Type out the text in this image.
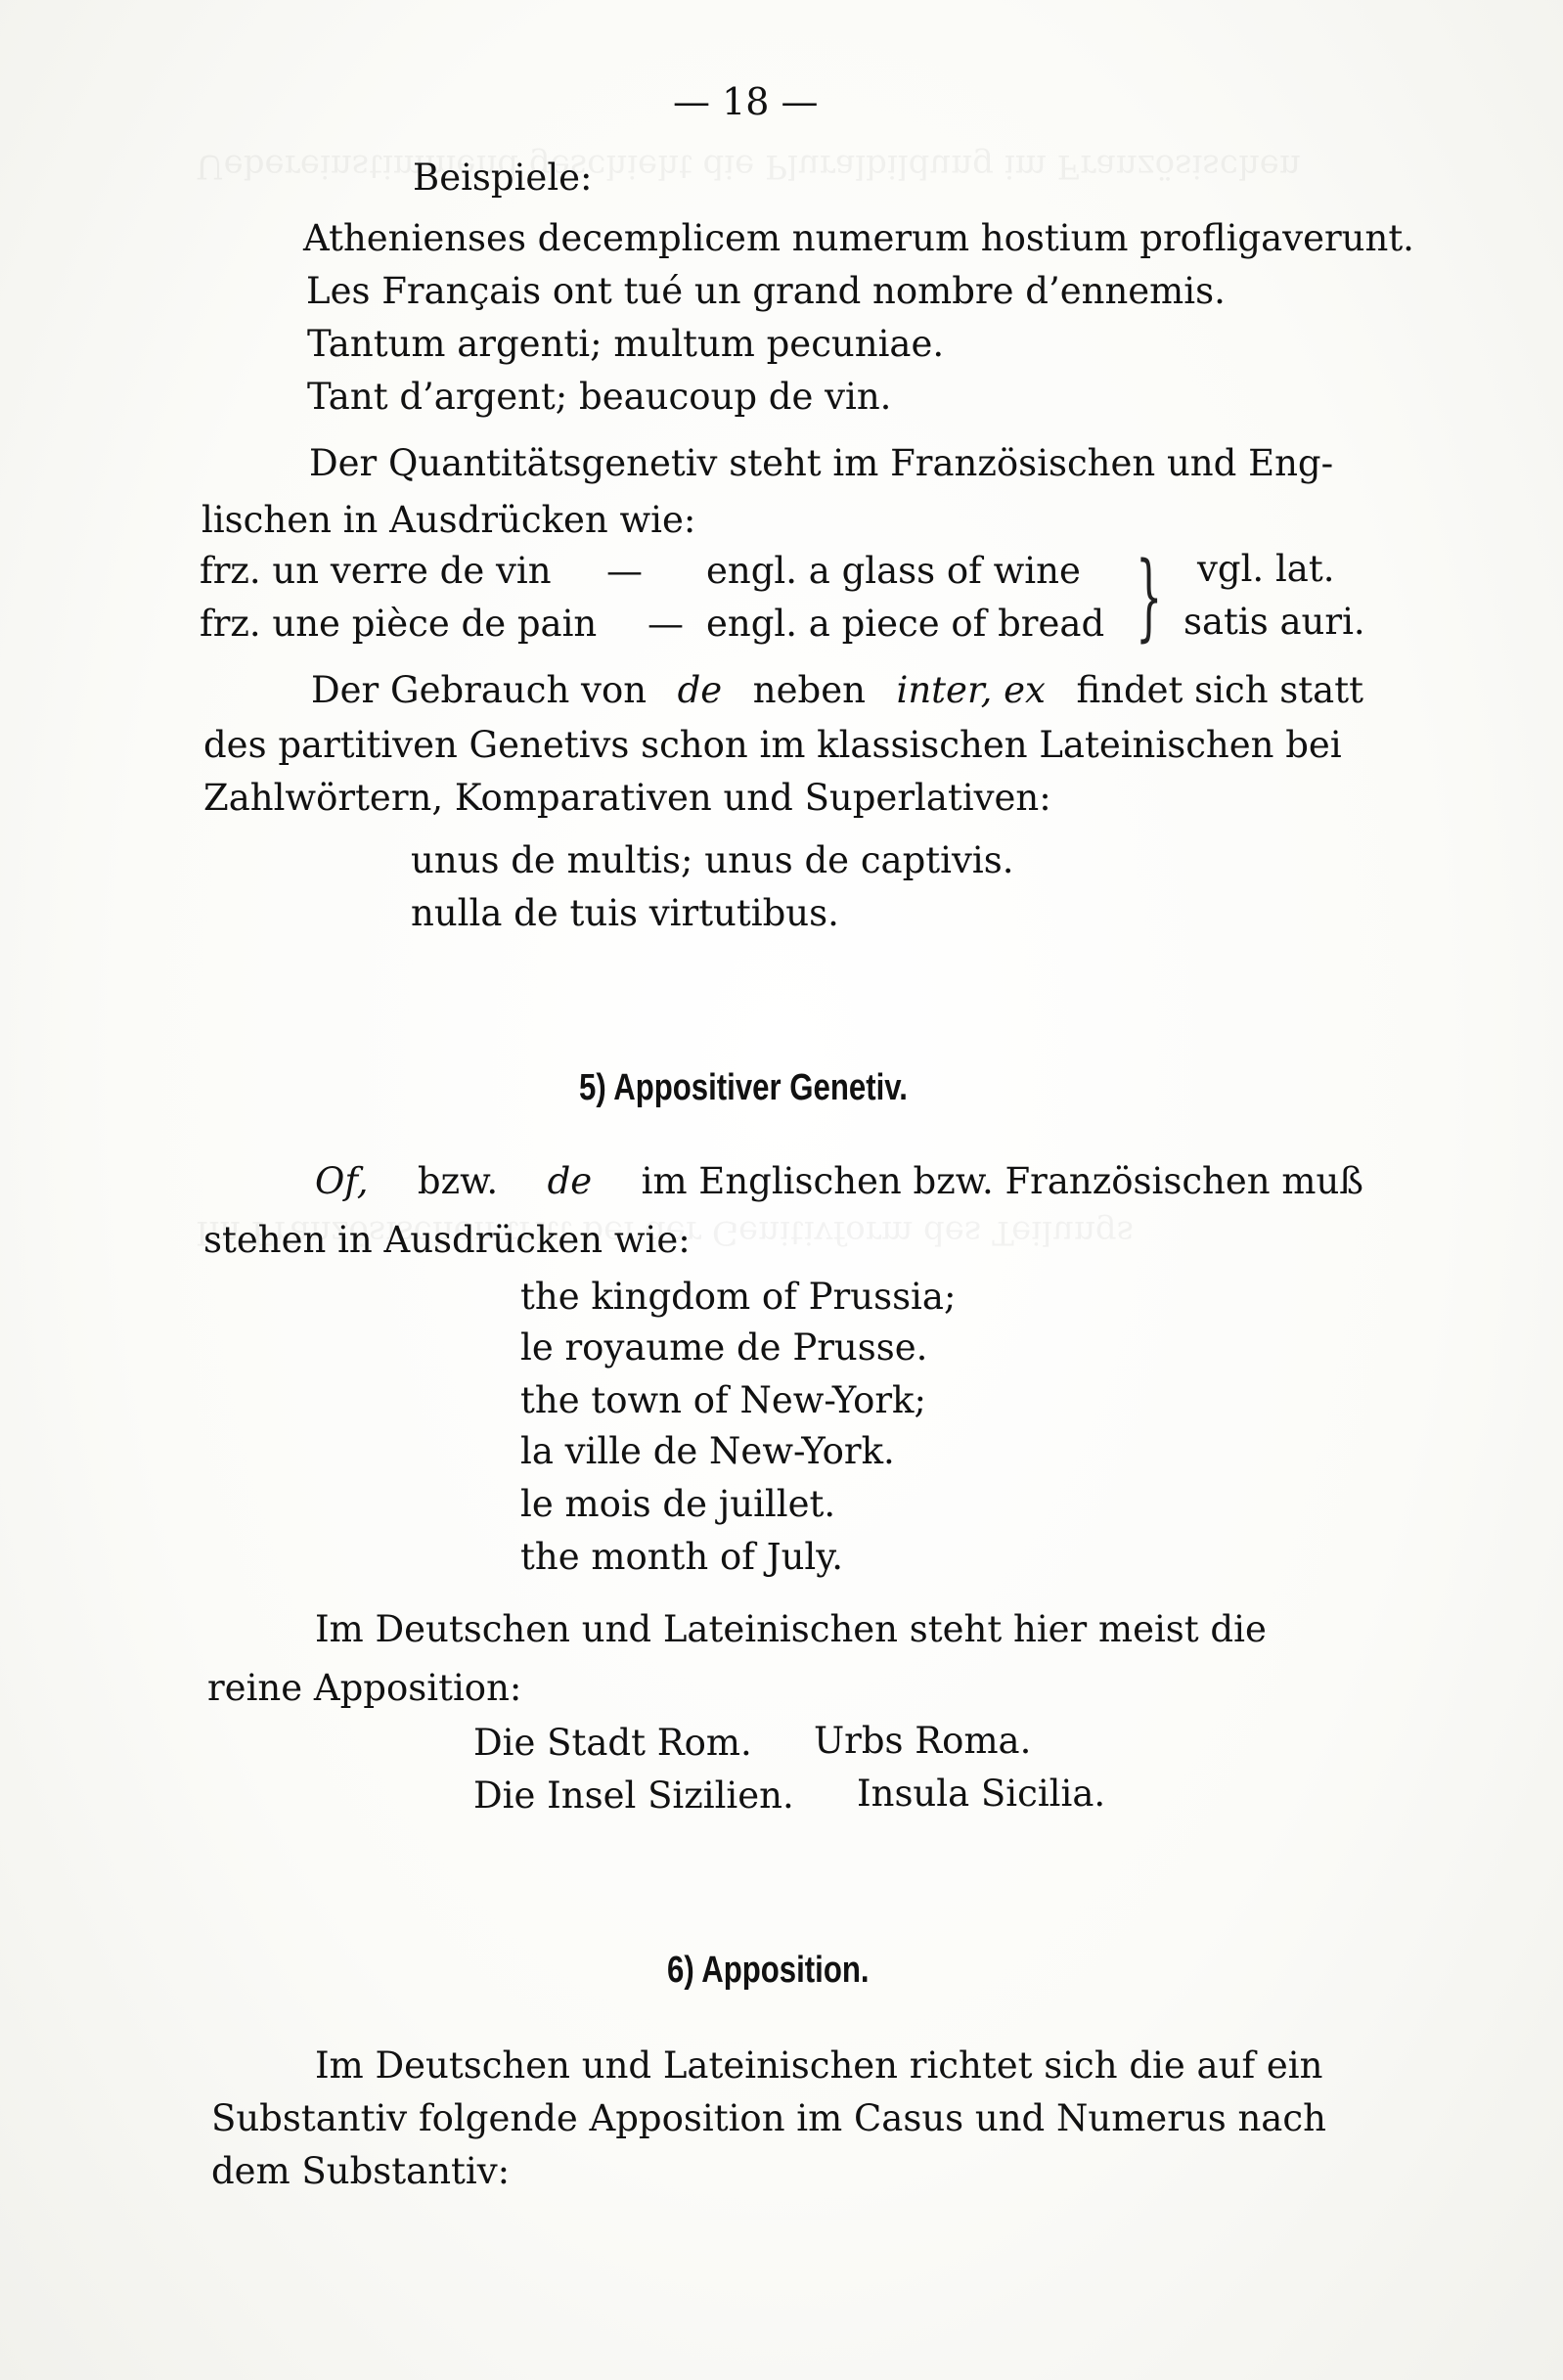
— 18 —
Beispiele:
Athenienses decemplicem numerum hostium profligaverunt.
Les Français ont tué un grand nombre d’ennemis.
Tantum argenti; multum pecuniae.
Tant d’argent; beaucoup de vin.
Der Quantitätsgenetiv steht im Französischen und Eng-
lischen in Ausdrücken wie:
frz. un verre de vin — engl. a glass of wine	vgl. lat.
frz. une pièce de pain — engl. a piece of bread satis auri.
}
Der Gebrauch von de neben inter, ex findet sich statt
des partitiven Genetivs schon im klassischen Lateinischen bei
Zahlwörtern, Komparativen und Superlativen:
unus de multis; unus de captivis.
nulla de tuis virtutibus.
5) Appositiver Genetiv.
Of, bzw. de im Englischen bzw. Französischen muß
stehen in Ausdrücken wie:
the kingdom of Prussia;
le royaume de Prusse.
the town of New-York;
la ville de New-York.
le mois de juillet.
the month of July.
Im Deutschen und Lateinischen steht hier meist die
reine Apposition:
Die Stadt Rom. Urbs Roma.
Die Insel Sizilien. Insula Sicilia.
6) Apposition.
Im Deutschen und Lateinischen richtet sich die auf ein
Substantiv folgende Apposition im Casus und Numerus nach
dem Substantiv:
